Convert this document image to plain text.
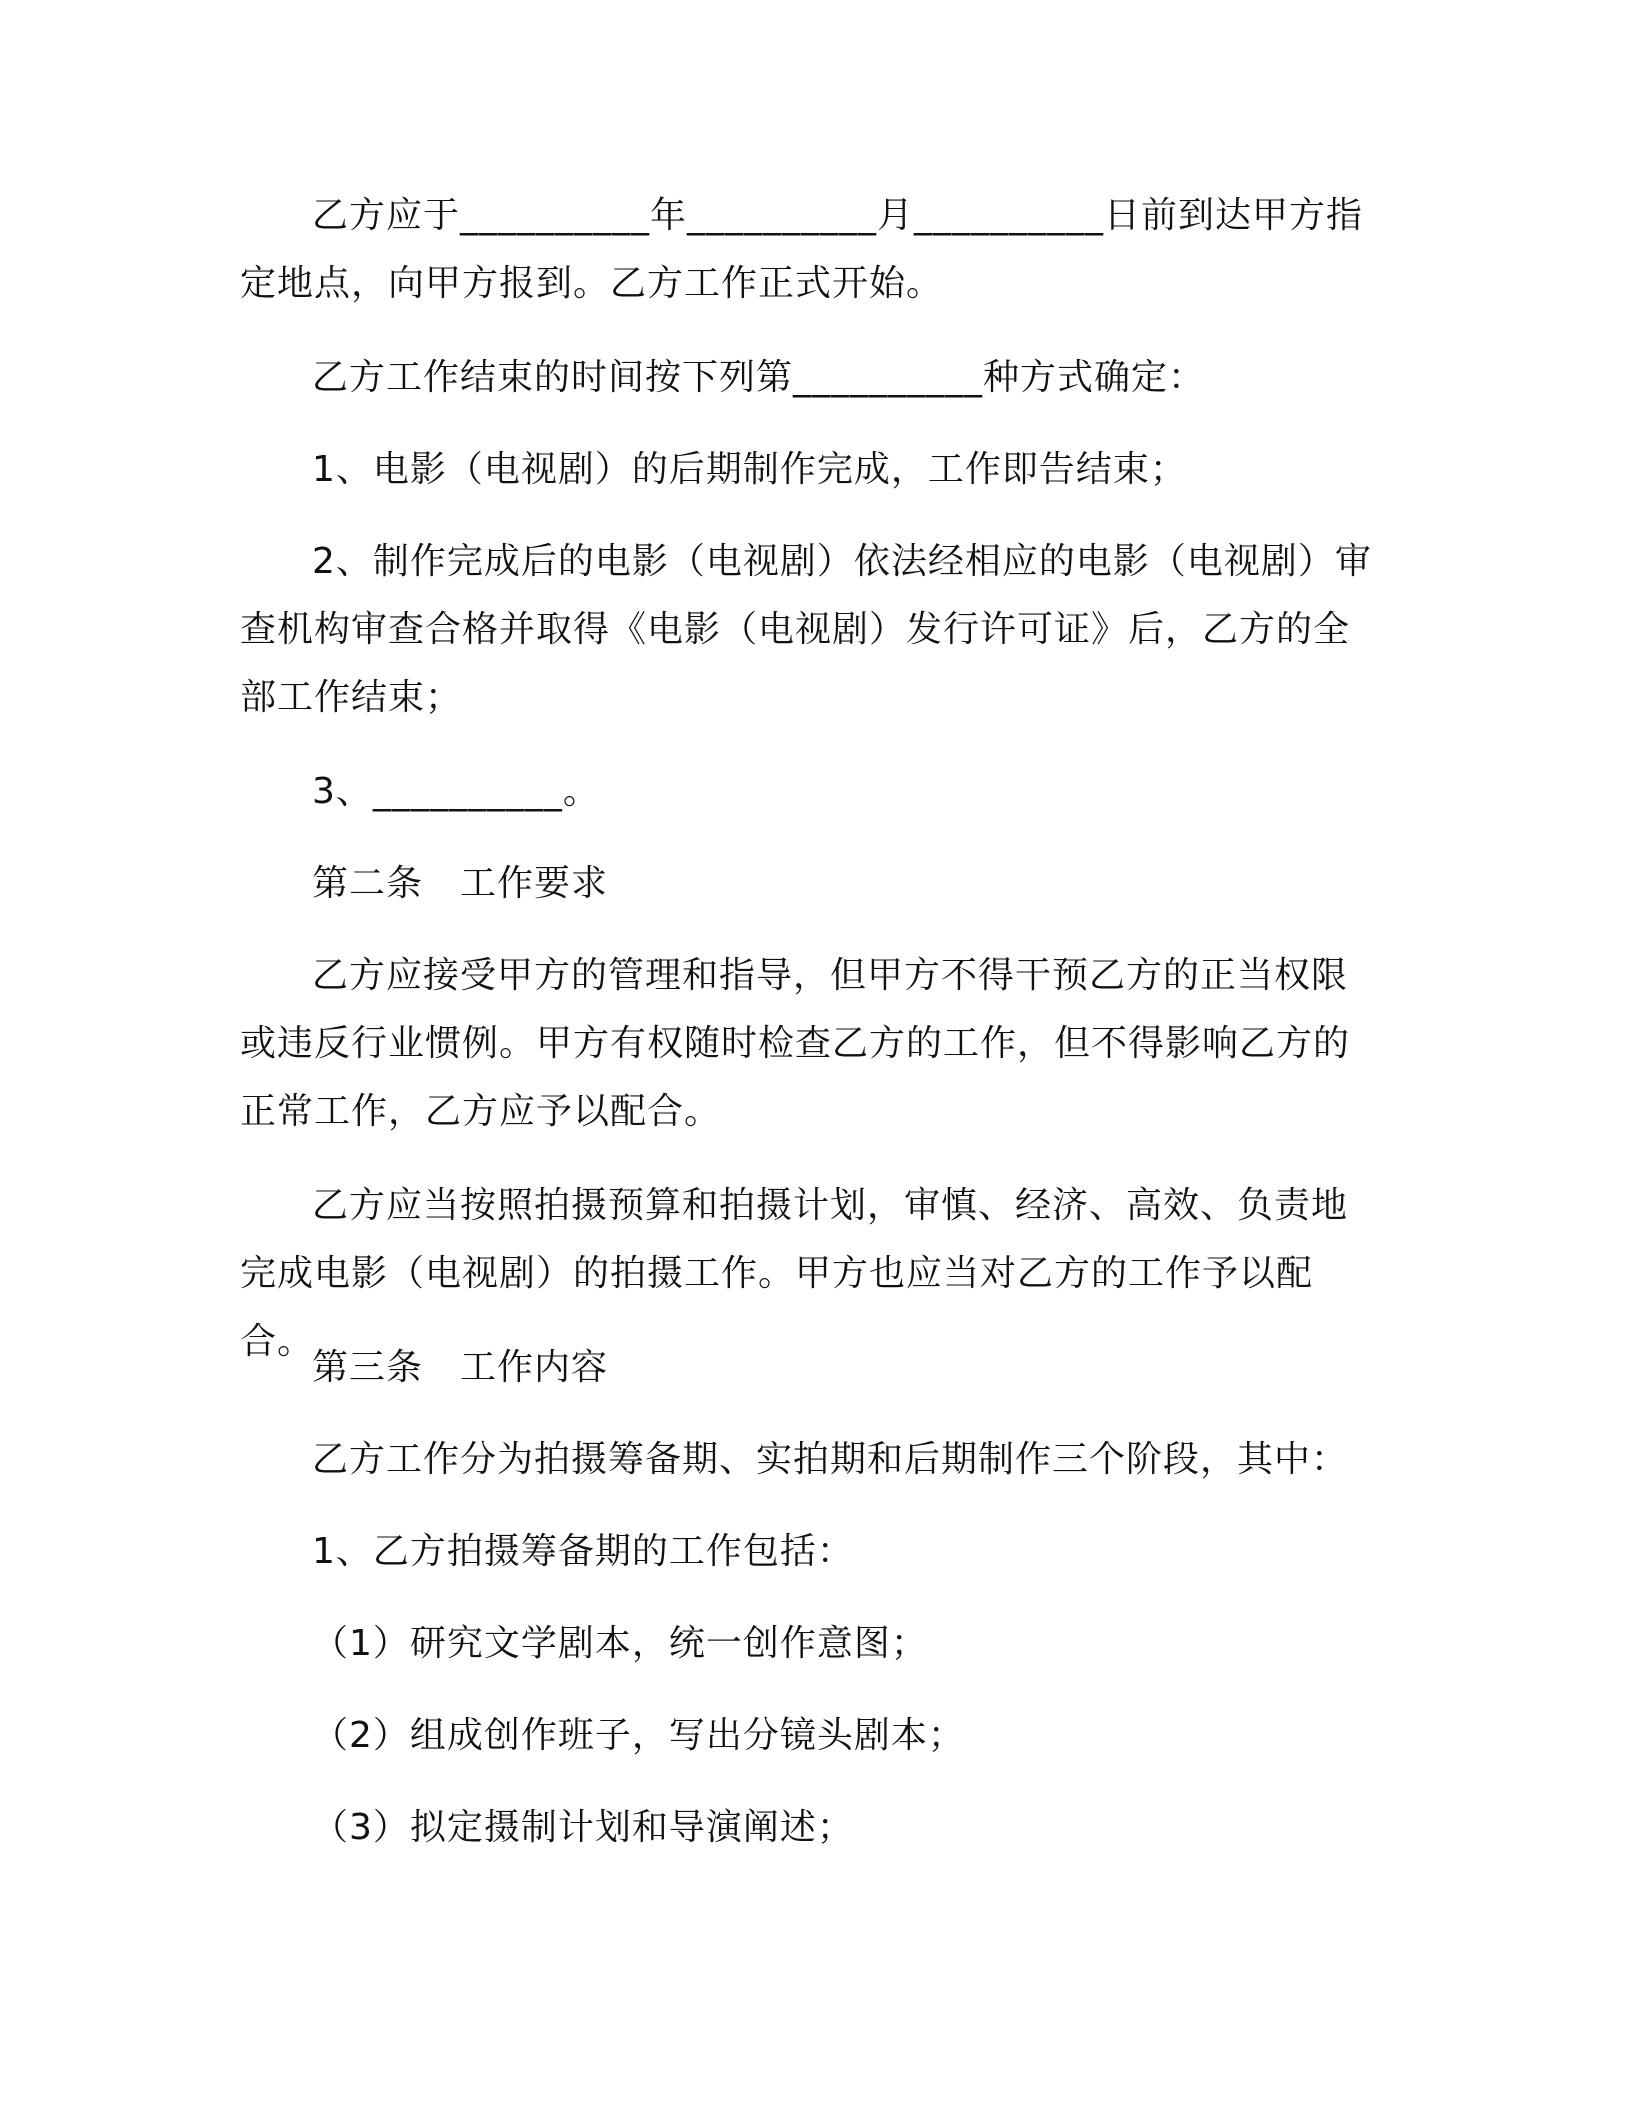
乙方应于__________年__________月__________日前到达甲方指定地点，向甲方报到。乙方工作正式开始。

乙方工作结束的时间按下列第__________种方式确定：

1、电影（电视剧）的后期制作完成，工作即告结束；

2、制作完成后的电影（电视剧）依法经相应的电影（电视剧）审查机构审查合格并取得《电影（电视剧）发行许可证》后，乙方的全部工作结束；

3、__________。

第二条　工作要求

乙方应接受甲方的管理和指导，但甲方不得干预乙方的正当权限或违反行业惯例。甲方有权随时检查乙方的工作，但不得影响乙方的正常工作，乙方应予以配合。

乙方应当按照拍摄预算和拍摄计划，审慎、经济、高效、负责地完成电影（电视剧）的拍摄工作。甲方也应当对乙方的工作予以配合。

第三条　工作内容

乙方工作分为拍摄筹备期、实拍期和后期制作三个阶段，其中：

1、乙方拍摄筹备期的工作包括：

（1）研究文学剧本，统一创作意图；

（2）组成创作班子，写出分镜头剧本；

（3）拟定摄制计划和导演阐述；
